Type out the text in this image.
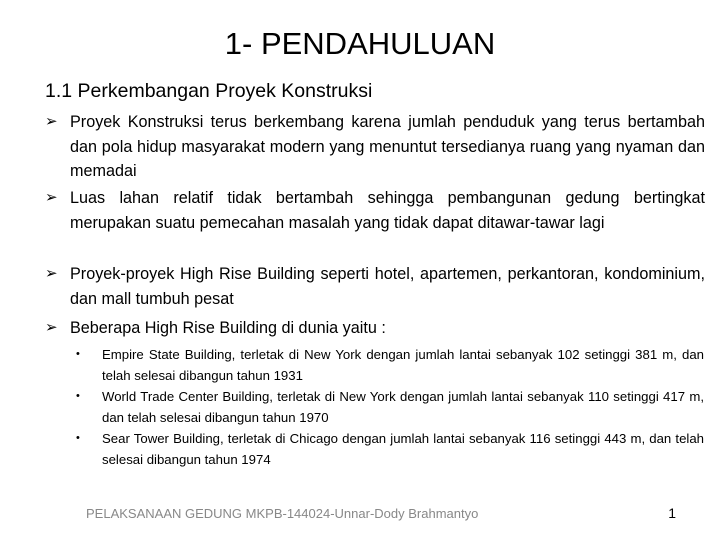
1- PENDAHULUAN
1.1 Perkembangan Proyek Konstruksi
➢ Proyek Konstruksi terus berkembang karena jumlah penduduk yang terus bertambah dan pola hidup masyarakat modern yang menuntut tersedianya ruang yang nyaman dan memadai
➢ Luas lahan relatif tidak bertambah sehingga pembangunan gedung bertingkat merupakan suatu pemecahan masalah yang tidak dapat ditawar-tawar lagi
➢ Proyek-proyek High Rise Building seperti hotel, apartemen, perkantoran, kondominium, dan mall tumbuh pesat
➢ Beberapa High Rise Building di dunia yaitu :
• Empire State Building, terletak di New York dengan jumlah lantai sebanyak 102 setinggi 381 m, dan telah selesai dibangun tahun 1931
• World Trade Center Building, terletak di New York dengan jumlah lantai sebanyak 110 setinggi 417 m, dan telah selesai dibangun tahun 1970
• Sear Tower Building, terletak di Chicago dengan jumlah lantai sebanyak 116 setinggi 443 m, dan telah selesai dibangun tahun 1974
PELAKSANAAN GEDUNG MKPB-144024-Unnar-Dody Brahmantyo	1
